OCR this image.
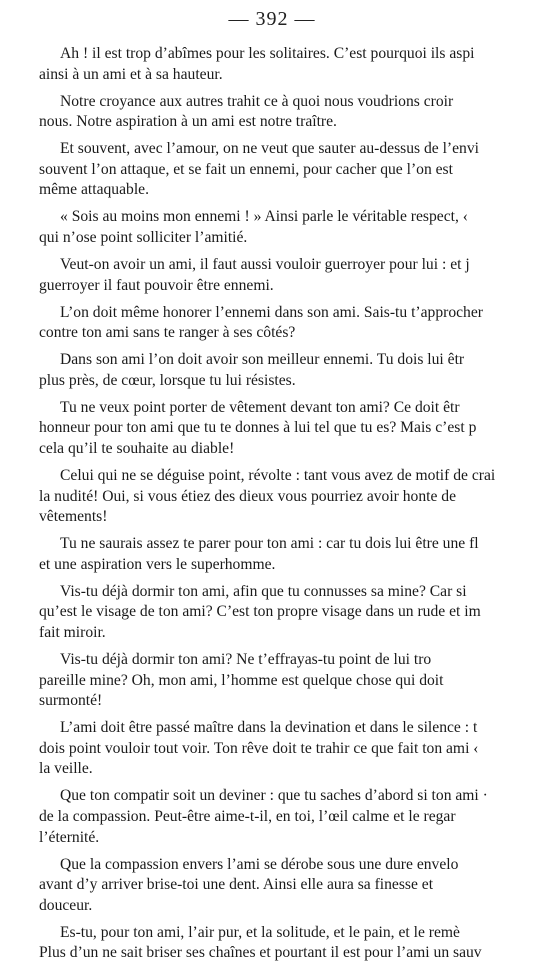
— 392 —
Ah ! il est trop d’abîmes pour les solitaires. C’est pourquoi ils aspi
ainsi à un ami et à sa hauteur.
Notre croyance aux autres trahit ce à quoi nous voudrions croir
nous. Notre aspiration à un ami est notre traître.
Et souvent, avec l’amour, on ne veut que sauter au-dessus de l’envi
souvent l’on attaque, et se fait un ennemi, pour cacher que l’on est
même attaquable.
« Sois au moins mon ennemi ! » Ainsi parle le véritable respect, ‹
qui n’ose point solliciter l’amitié.
Veut-on avoir un ami, il faut aussi vouloir guerroyer pour lui : et j
guerroyer il faut pouvoir être ennemi.
L’on doit même honorer l’ennemi dans son ami. Sais-tu t’approcher
contre ton ami sans te ranger à ses côtés?
Dans son ami l’on doit avoir son meilleur ennemi. Tu dois lui êtr
plus près, de cœur, lorsque tu lui résistes.
Tu ne veux point porter de vêtement devant ton ami? Ce doit êtr
honneur pour ton ami que tu te donnes à lui tel que tu es? Mais c’est p
cela qu’il te souhaite au diable!
Celui qui ne se déguise point, révolte : tant vous avez de motif de crai
la nudité! Oui, si vous étiez des dieux vous pourriez avoir honte de
vêtements!
Tu ne saurais assez te parer pour ton ami : car tu dois lui être une fl
et une aspiration vers le superhomme.
Vis-tu déjà dormir ton ami, afin que tu connusses sa mine? Car si
qu’est le visage de ton ami? C’est ton propre visage dans un rude et im
fait miroir.
Vis-tu déjà dormir ton ami? Ne t’effrayas-tu point de lui tro
pareille mine? Oh, mon ami, l’homme est quelque chose qui doit
surmonté!
L’ami doit être passé maître dans la devination et dans le silence : t
dois point vouloir tout voir. Ton rêve doit te trahir ce que fait ton ami ‹
la veille.
Que ton compatir soit un deviner : que tu saches d’abord si ton ami ·
de la compassion. Peut-être aime-t-il, en toi, l’œil calme et le regar
l’éternité.
Que la compassion envers l’ami se dérobe sous une dure envelo
avant d’y arriver brise-toi une dent. Ainsi elle aura sa finesse et
douceur.
Es-tu, pour ton ami, l’air pur, et la solitude, et le pain, et le remè
Plus d’un ne sait briser ses chaînes et pourtant il est pour l’ami un sauv
